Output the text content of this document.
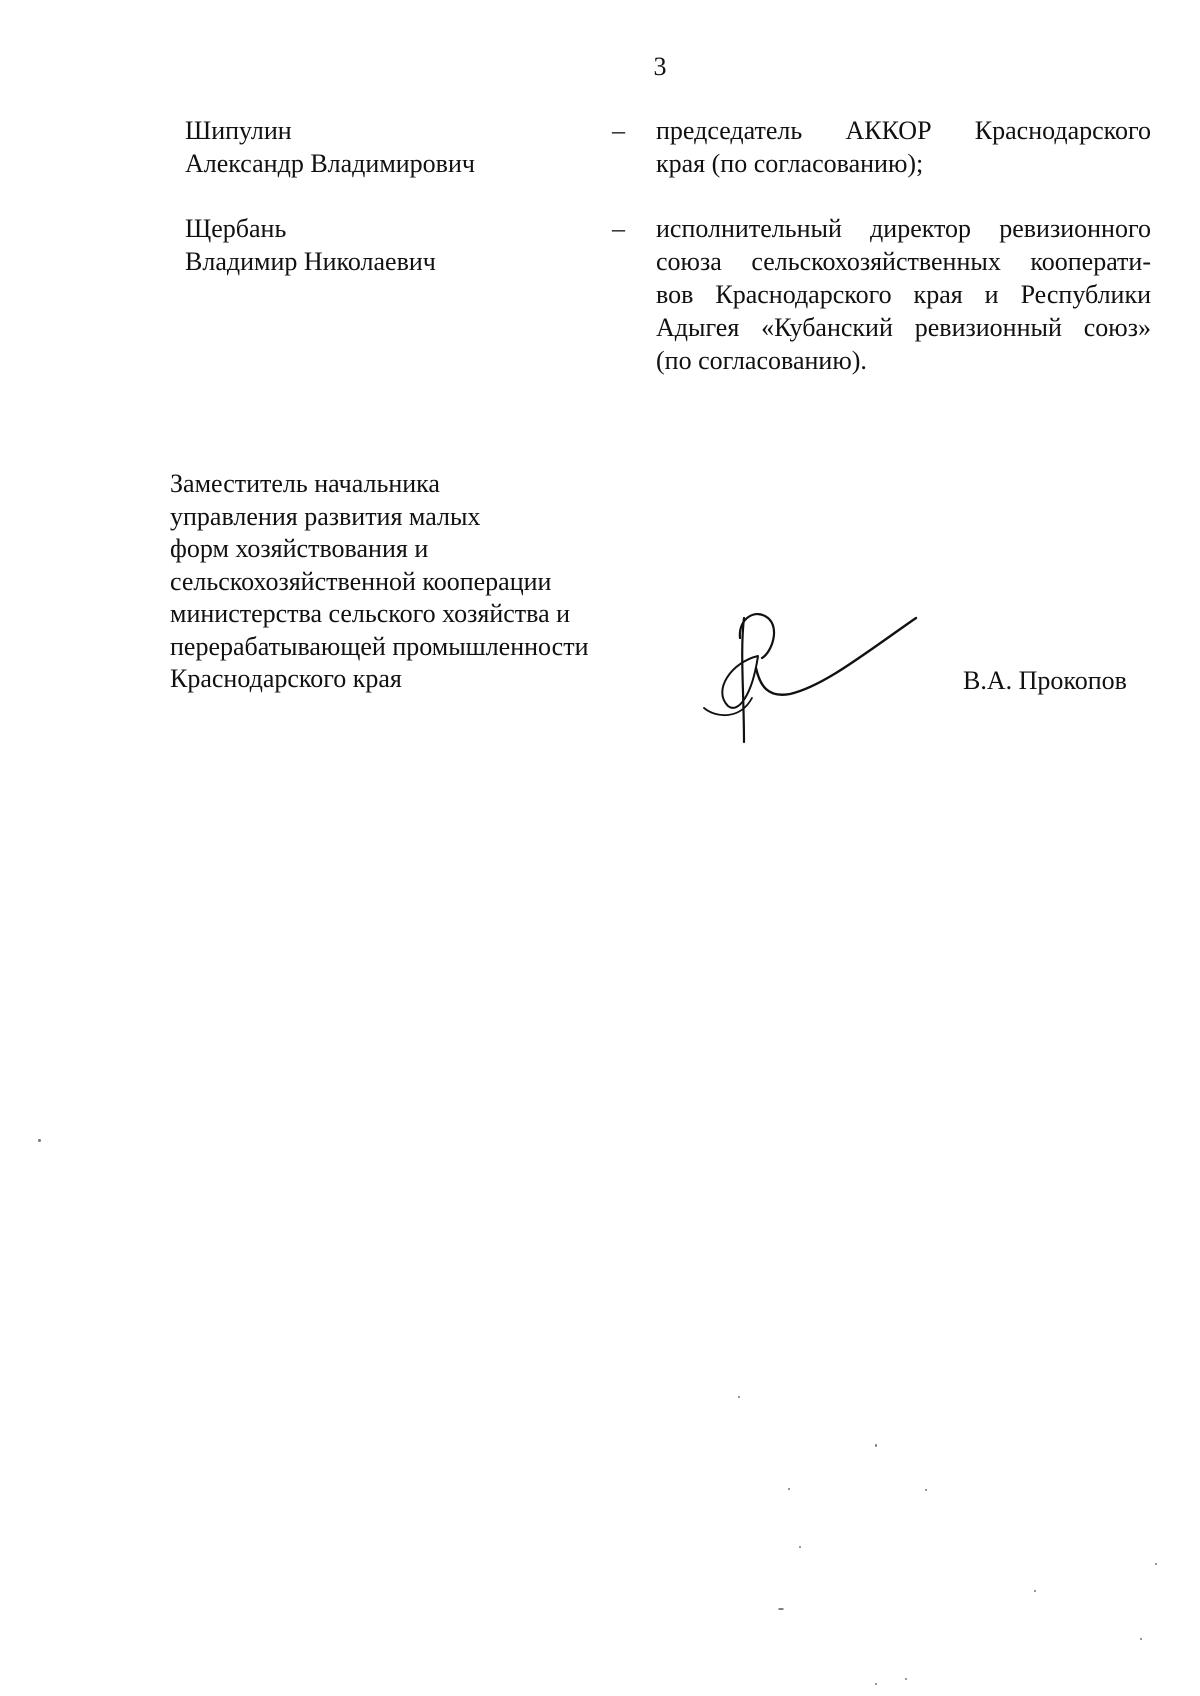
3
Шипулин
Александр Владимирович
– председатель АККОР Краснодарского
края (по согласованию);
Щербань
Владимир Николаевич
– исполнительный директор ревизионного
союза сельскохозяйственных кооперати-
вов Краснодарского края и Республики
Адыгея «Кубанский ревизионный союз»
(по согласованию).
Заместитель начальника
управления развития малых
форм хозяйствования и
сельскохозяйственной кооперации
министерства сельского хозяйства и
перерабатывающей промышленности
Краснодарского края	В.А. Прокопов
